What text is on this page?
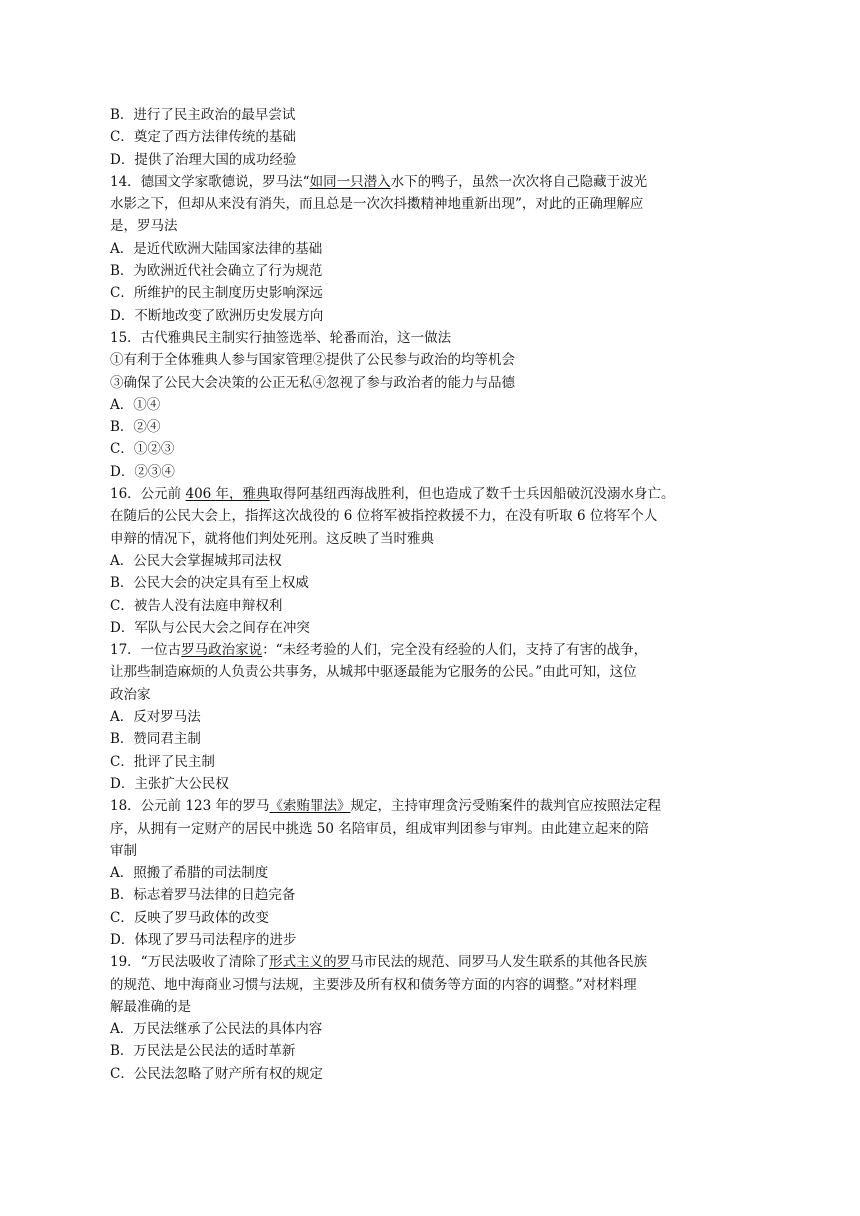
B．进行了民主政治的最早尝试
C．奠定了西方法律传统的基础
D．提供了治理大国的成功经验
14．德国文学家歌德说，罗马法“如同一只潜入水下的鸭子，虽然一次次将自己隐藏于波光
水影之下，但却从来没有消失，而且总是一次次抖擞精神地重新出现”，对此的正确理解应
是，罗马法
A．是近代欧洲大陆国家法律的基础
B．为欧洲近代社会确立了行为规范
C．所维护的民主制度历史影响深远
D．不断地改变了欧洲历史发展方向
15．古代雅典民主制实行抽签选举、轮番而治，这一做法
①有利于全体雅典人参与国家管理②提供了公民参与政治的均等机会
③确保了公民大会决策的公正无私④忽视了参与政治者的能力与品德
A．①④
B．②④
C．①②③
D．②③④
16．公元前 406 年，雅典取得阿基纽西海战胜利，但也造成了数千士兵因船破沉没溺水身亡。
在随后的公民大会上，指挥这次战役的 6 位将军被指控救援不力，在没有听取 6 位将军个人
申辩的情况下，就将他们判处死刑。这反映了当时雅典
A．公民大会掌握城邦司法权
B．公民大会的决定具有至上权威
C．被告人没有法庭申辩权利
D．军队与公民大会之间存在冲突
17．一位古罗马政治家说：“未经考验的人们，完全没有经验的人们，支持了有害的战争，
让那些制造麻烦的人负责公共事务，从城邦中驱逐最能为它服务的公民。”由此可知，这位
政治家
A．反对罗马法
B．赞同君主制
C．批评了民主制
D．主张扩大公民权
18．公元前 123 年的罗马《索贿罪法》规定，主持审理贪污受贿案件的裁判官应按照法定程
序，从拥有一定财产的居民中挑选 50 名陪审员，组成审判团参与审判。由此建立起来的陪
审制
A．照搬了希腊的司法制度
B．标志着罗马法律的日趋完备
C．反映了罗马政体的改变
D．体现了罗马司法程序的进步
19．“万民法吸收了清除了形式主义的罗马市民法的规范、同罗马人发生联系的其他各民族
的规范、地中海商业习惯与法规，主要涉及所有权和债务等方面的内容的调整。”对材料理
解最准确的是
A．万民法继承了公民法的具体内容
B．万民法是公民法的适时革新
C．公民法忽略了财产所有权的规定
